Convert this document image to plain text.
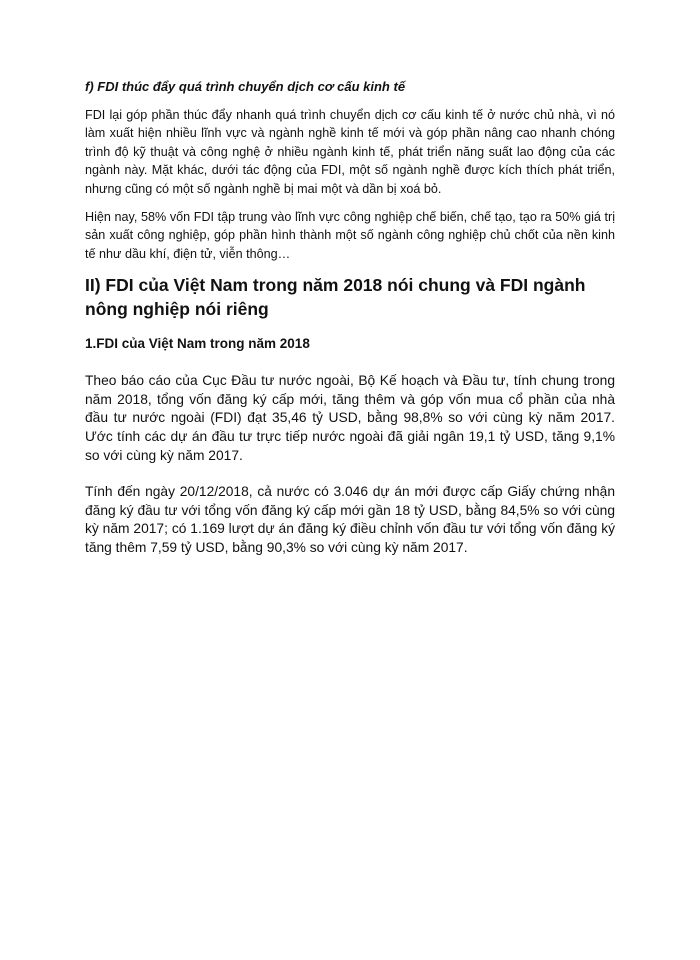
f) FDI thúc đẩy quá trình chuyển dịch cơ cấu kinh tế

FDI lại góp phần thúc đẩy nhanh quá trình chuyển dịch cơ cấu kinh tế ở nước chủ nhà, vì nó làm xuất hiện nhiều lĩnh vực và ngành nghề kinh tế mới và góp phần nâng cao nhanh chóng trình độ kỹ thuật và công nghệ ở nhiều ngành kinh tế, phát triển năng suất lao động của các ngành này. Mặt khác, dưới tác động của FDI, một số ngành nghề được kích thích phát triển, nhưng cũng có một số ngành nghề bị mai một và dần bị xoá bỏ.

Hiện nay, 58% vốn FDI tập trung vào lĩnh vực công nghiệp chế biến, chế tạo, tạo ra 50% giá trị sản xuất công nghiệp, góp phần hình thành một số ngành công nghiệp chủ chốt của nền kinh tế như dầu khí, điện tử, viễn thông…

II) FDI của Việt Nam trong năm 2018 nói chung và FDI ngành nông nghiệp nói riêng
1.FDI của Việt Nam trong năm 2018

Theo báo cáo của Cục Đầu tư nước ngoài, Bộ Kế hoạch và Đầu tư, tính chung trong năm 2018, tổng vốn đăng ký cấp mới, tăng thêm và góp vốn mua cổ phần của nhà đầu tư nước ngoài (FDI) đạt 35,46 tỷ USD, bằng 98,8% so với cùng kỳ năm 2017. Ước tính các dự án đầu tư trực tiếp nước ngoài đã giải ngân 19,1 tỷ USD, tăng 9,1% so với cùng kỳ năm 2017.

Tính đến ngày 20/12/2018, cả nước có 3.046 dự án mới được cấp Giấy chứng nhận đăng ký đầu tư với tổng vốn đăng ký cấp mới gần 18 tỷ USD, bằng 84,5% so với cùng kỳ năm 2017; có 1.169 lượt dự án đăng ký điều chỉnh vốn đầu tư với tổng vốn đăng ký tăng thêm 7,59 tỷ USD, bằng 90,3% so với cùng kỳ năm 2017.
